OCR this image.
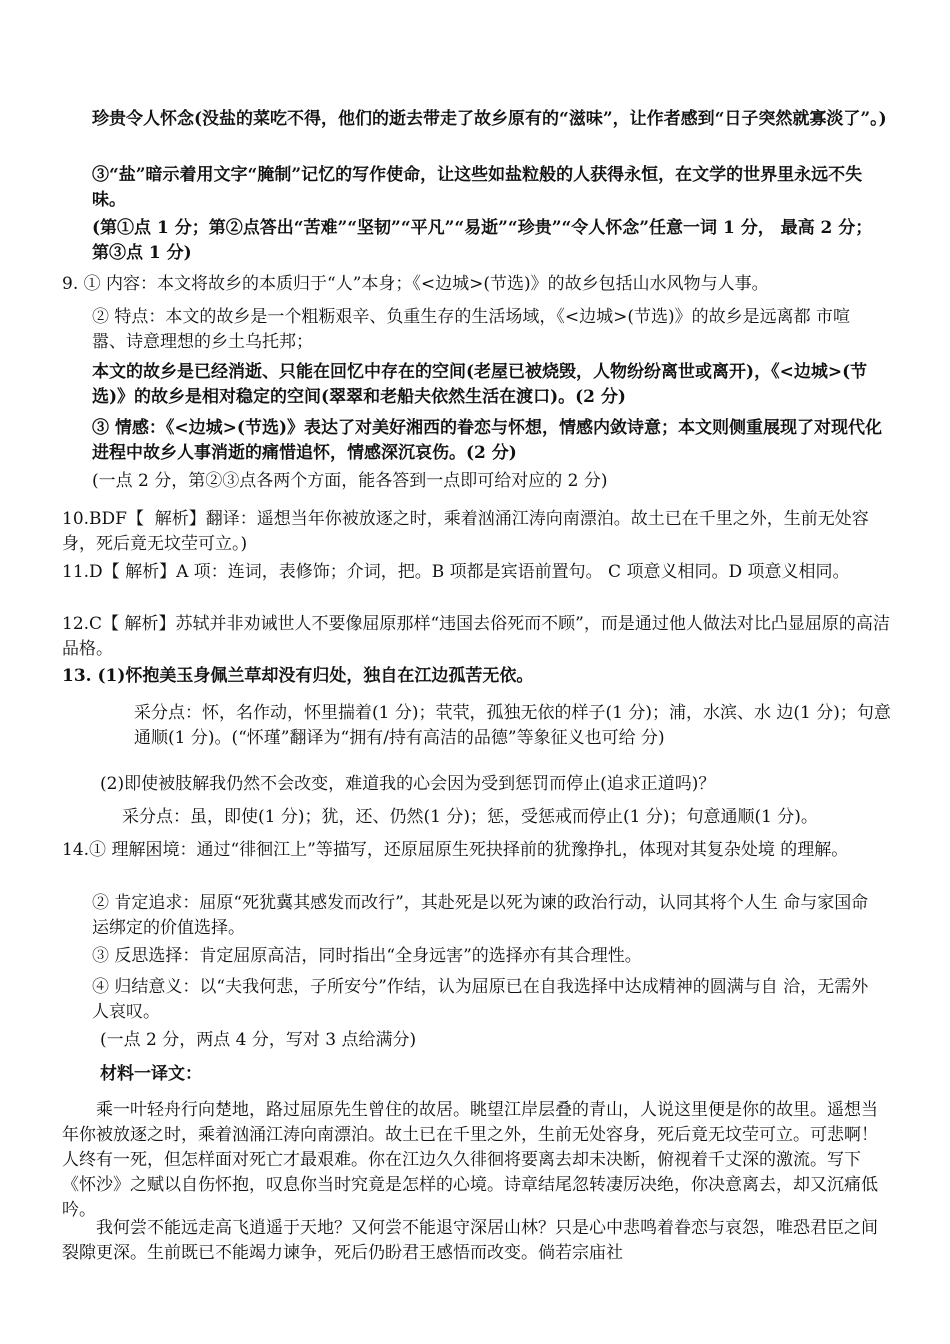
珍贵令人怀念(没盐的菜吃不得，他们的逝去带走了故乡原有的“滋味”，让作者感到“日子突然就寡淡了”。)
③“盐”暗示着用文字“腌制”记忆的写作使命，让这些如盐粒般的人获得永恒，在文学的世界里永远不失味。
(第①点 1 分；第②点答出“苦难”“坚韧”“平凡”“易逝”“珍贵”“令人怀念”任意一词 1 分， 最高 2 分；第③点 1 分)
9. ① 内容：本文将故乡的本质归于“人”本身；《<边城>(节选)》的故乡包括山水风物与人事。
② 特点：本文的故乡是一个粗粝艰辛、负重生存的生活场域，《<边城>(节选)》的故乡是远离都 市喧嚣、诗意理想的乡土乌托邦；
本文的故乡是已经消逝、只能在回忆中存在的空间(老屋已被烧毁，人物纷纷离世或离开)，《<边城>(节选)》的故乡是相对稳定的空间(翠翠和老船夫依然生活在渡口)。(2 分)
③ 情感：《<边城>(节选)》表达了对美好湘西的眷恋与怀想，情感内敛诗意；本文则侧重展现了对现代化进程中故乡人事消逝的痛惜追怀，情感深沉哀伤。(2 分)
(一点 2 分，第②③点各两个方面，能各答到一点即可给对应的 2 分)
10.BDF【  解析】翻译：遥想当年你被放逐之时，乘着汹涌江涛向南漂泊。故土已在千里之外，生前无处容身，死后竟无坟茔可立。)
11.D【 解析】A 项：连词，表修饰；介词，把。B 项都是宾语前置句。 C 项意义相同。D 项意义相同。
12.C【 解析】苏轼并非劝诫世人不要像屈原那样“违国去俗死而不顾”，而是通过他人做法对比凸显屈原的高洁品格。
13. (1)怀抱美玉身佩兰草却没有归处，独自在江边孤苦无依。
采分点：怀，名作动，怀里揣着(1 分)；茕茕，孤独无依的样子(1 分)；浦，水滨、水 边(1 分)；句意通顺(1 分)。(“怀瑾”翻译为“拥有/持有高洁的品德”等象征义也可给 分)
(2)即使被肢解我仍然不会改变，难道我的心会因为受到惩罚而停止(追求正道吗)？
采分点：虽，即使(1 分)；犹，还、仍然(1 分)；惩，受惩戒而停止(1 分)；句意通顺(1 分)。
14.① 理解困境：通过“徘徊江上”等描写，还原屈原生死抉择前的犹豫挣扎，体现对其复杂处境 的理解。
② 肯定追求：屈原“死犹冀其感发而改行”，其赴死是以死为谏的政治行动，认同其将个人生 命与家国命运绑定的价值选择。
③ 反思选择：肯定屈原高洁，同时指出“全身远害”的选择亦有其合理性。
④ 归结意义：以“夫我何悲，子所安兮”作结，认为屈原已在自我选择中达成精神的圆满与自 洽，无需外人哀叹。
(一点 2 分，两点 4 分，写对 3 点给满分)
材料一译文：
乘一叶轻舟行向楚地，路过屈原先生曾住的故居。眺望江岸层叠的青山，人说这里便是你的故里。遥想当年你被放逐之时，乘着汹涌江涛向南漂泊。故土已在千里之外，生前无处容身，死后竟无坟茔可立。可悲啊！人终有一死，但怎样面对死亡才最艰难。你在江边久久徘徊将要离去却未决断，俯视着千丈深的激流。写下《怀沙》之赋以自伤怀抱，叹息你当时究竟是怎样的心境。诗章结尾忽转凄厉决绝，你决意离去，却又沉痛低吟。
我何尝不能远走高飞逍遥于天地？又何尝不能退守深居山林？只是心中悲鸣着眷恋与哀怨，唯恐君臣之间裂隙更深。生前既已不能竭力谏争，死后仍盼君王感悟而改变。倘若宗庙社
